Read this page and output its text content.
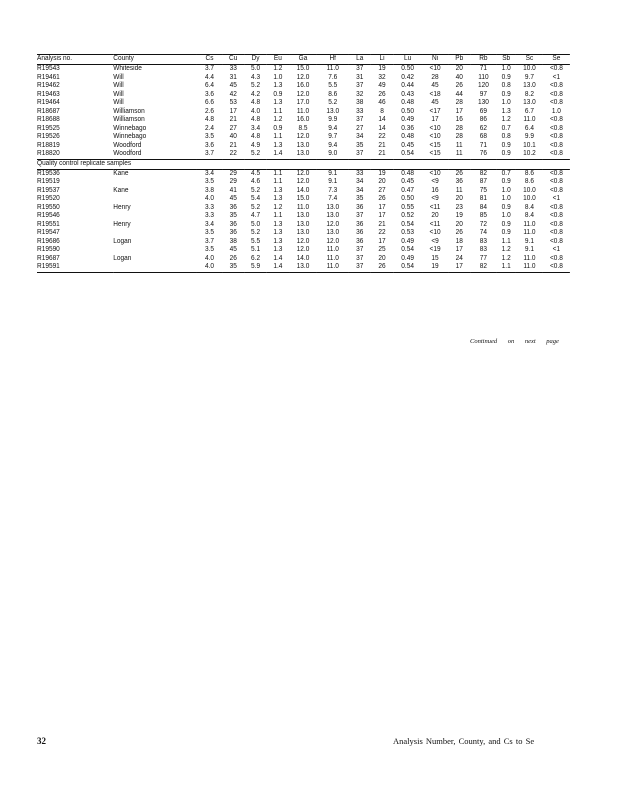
Analysis no.	County	Cs	Cu	Dy	Eu	Ga	Hf	La	Li	Lu	Ni	Pb	Rb	Sb	Sc	Se
R19543	Whiteside	3.7	33	5.0	1.2	15.0	11.0	37	19	0.50	<10	20	71	1.0	10.0	<0.8
R19461	Will	4.4	31	4.3	1.0	12.0	7.6	31	32	0.42	28	40	110	0.9	9.7	<1
R19462	Will	6.4	45	5.2	1.3	16.0	5.5	37	49	0.44	45	26	120	0.8	13.0	<0.8
R19463	Will	3.6	42	4.2	0.9	12.0	8.6	32	26	0.43	<18	44	97	0.9	8.2	<0.8
R19464	Will	6.6	53	4.8	1.3	17.0	5.2	38	46	0.48	45	28	130	1.0	13.0	<0.8
R18687	Williamson	2.6	17	4.0	1.1	11.0	13.0	33	8	0.50	<17	17	69	1.3	6.7	1.0
R18688	Williamson	4.8	21	4.8	1.2	16.0	9.9	37	14	0.49	17	16	86	1.2	11.0	<0.8
R19525	Winnebago	2.4	27	3.4	0.9	8.5	9.4	27	14	0.36	<10	28	62	0.7	6.4	<0.8
R19526	Winnebago	3.5	40	4.8	1.1	12.0	9.7	34	22	0.48	<10	28	68	0.8	9.9	<0.8
R18819	Woodford	3.6	21	4.9	1.3	13.0	9.4	35	21	0.45	<15	11	71	0.9	10.1	<0.8
R18820	Woodford	3.7	22	5.2	1.4	13.0	9.0	37	21	0.54	<15	11	76	0.9	10.2	<0.8
Quality control replicate samples																
R19536	Kane	3.4	29	4.5	1.1	12.0	9.1	33	19	0.48	<10	26	82	0.7	8.6	<0.8
R19519		3.5	29	4.6	1.1	12.0	9.1	34	20	0.45	<9	36	87	0.9	8.6	<0.8
R19537	Kane	3.8	41	5.2	1.3	14.0	7.3	34	27	0.47	16	11	75	1.0	10.0	<0.8
R19520		4.0	45	5.4	1.3	15.0	7.4	35	26	0.50	<9	20	81	1.0	10.0	<1
R19550	Henry	3.3	36	5.2	1.2	11.0	13.0	36	17	0.55	<11	23	84	0.9	8.4	<0.8
R19546		3.3	35	4.7	1.1	13.0	13.0	37	17	0.52	20	19	85	1.0	8.4	<0.8
R19551	Henry	3.4	36	5.0	1.3	13.0	12.0	36	21	0.54	<11	20	72	0.9	11.0	<0.8
R19547		3.5	36	5.2	1.3	13.0	13.0	36	22	0.53	<10	26	74	0.9	11.0	<0.8
R19686	Logan	3.7	38	5.5	1.3	12.0	12.0	36	17	0.49	<9	18	83	1.1	9.1	<0.8
R19590		3.5	45	5.1	1.3	12.0	11.0	37	25	0.54	<19	17	83	1.2	9.1	<1
R19687	Logan	4.0	26	6.2	1.4	14.0	11.0	37	20	0.49	15	24	77	1.2	11.0	<0.8
R19591		4.0	35	5.9	1.4	13.0	11.0	37	26	0.54	19	17	82	1.1	11.0	<0.8
Continued on next page
32	Analysis Number, County, and Cs to Se
